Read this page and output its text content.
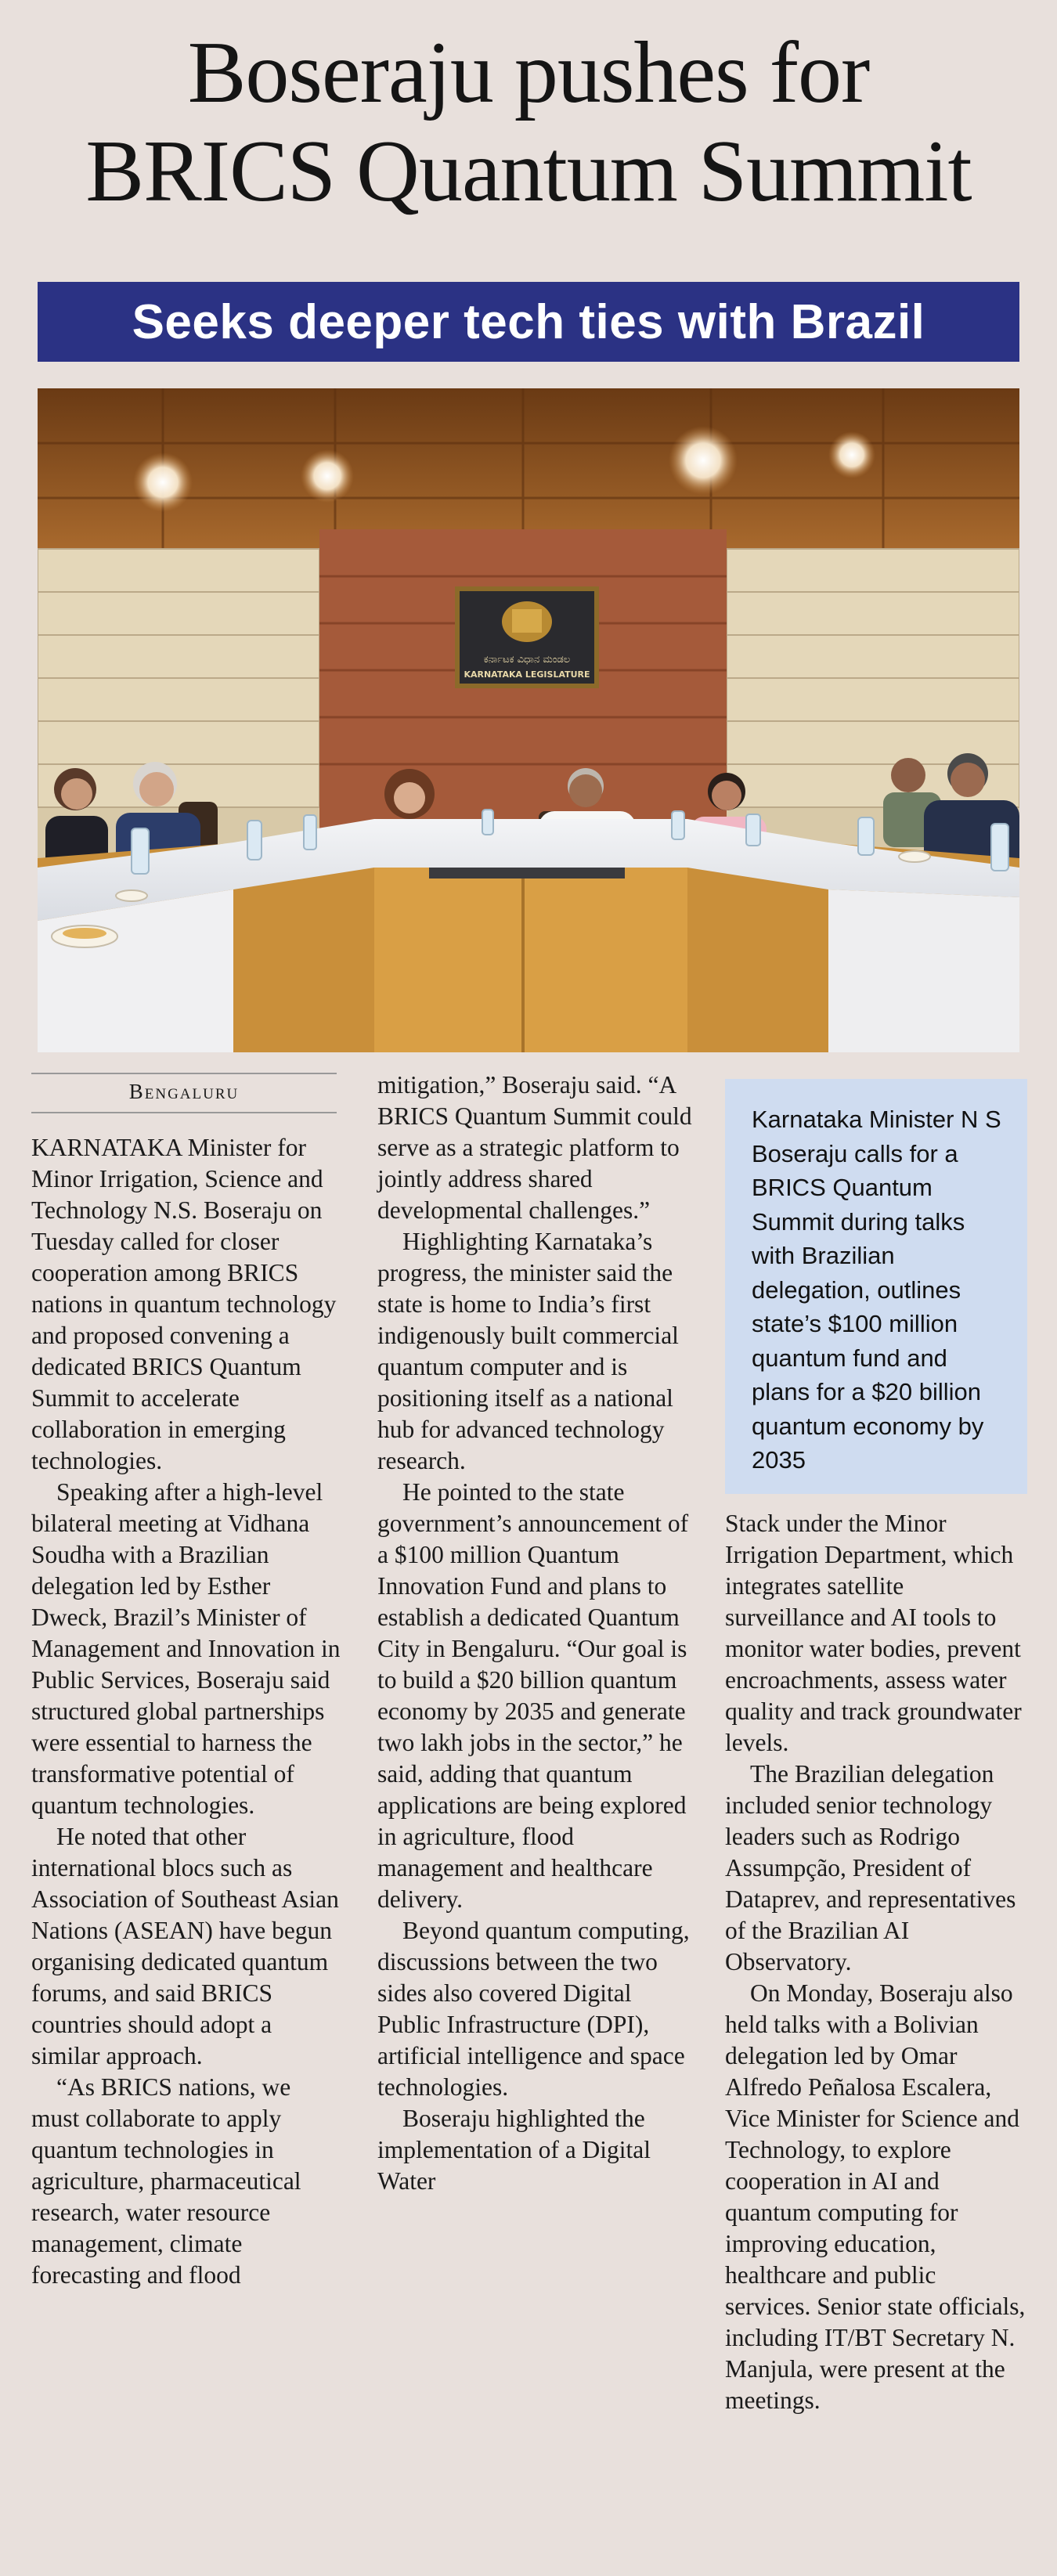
Boseraju pushes for
BRICS Quantum Summit
Seeks deeper tech ties with Brazil
ಕರ್ನಾಟಕ ವಿಧಾನ ಮಂಡಲ
KARNATAKA LEGISLATURE
Bengaluru

KARNATAKA Minister for Minor Irrigation, Science and Technology N.S. Boseraju on Tuesday called for closer cooperation among BRICS nations in quantum technology and proposed convening a dedicated BRICS Quantum Summit to accelerate collaboration in emerging technologies.

Speaking after a high-level bilateral meeting at Vidhana Soudha with a Brazilian delegation led by Esther Dweck, Brazil’s Minister of Management and Innovation in Public Services, Boseraju said structured global partnerships were essential to harness the transformative potential of quantum technologies.

He noted that other international blocs such as Association of Southeast Asian Nations (ASEAN) have begun organising dedicated quantum forums, and said BRICS countries should adopt a similar approach.

“As BRICS nations, we must collaborate to apply quantum technologies in agriculture, pharmaceutical research, water resource management, climate forecasting and flood

mitigation,” Boseraju said. “A BRICS Quantum Summit could serve as a strategic platform to jointly address shared developmental challenges.”

Highlighting Karnataka’s progress, the minister said the state is home to India’s first indigenously built commercial quantum computer and is positioning itself as a national hub for advanced technology research.

He pointed to the state government’s announcement of a $100 million Quantum Innovation Fund and plans to establish a dedicated Quantum City in Bengaluru. “Our goal is to build a $20 billion quantum economy by 2035 and generate two lakh jobs in the sector,” he said, adding that quantum applications are being explored in agriculture, flood management and healthcare delivery.

Beyond quantum computing, discussions between the two sides also covered Digital Public Infrastructure (DPI), artificial intelligence and space technologies.

Boseraju highlighted the implementation of a Digital Water

Karnataka Minister N S Boseraju calls for a BRICS Quantum Summit during talks with Brazilian delegation, outlines state’s $100 million quantum fund and plans for a $20 billion quantum economy by 2035

Stack under the Minor Irrigation Department, which integrates satellite surveillance and AI tools to monitor water bodies, prevent encroachments, assess water quality and track groundwater levels.

The Brazilian delegation included senior technology leaders such as Rodrigo Assumpção, President of Dataprev, and representatives of the Brazilian AI Observatory.

On Monday, Boseraju also held talks with a Bolivian delegation led by Omar Alfredo Peñalosa Escalera, Vice Minister for Science and Technology, to explore cooperation in AI and quantum computing for improving education, healthcare and public services. Senior state officials, including IT/BT Secretary N. Manjula, were present at the meetings.
